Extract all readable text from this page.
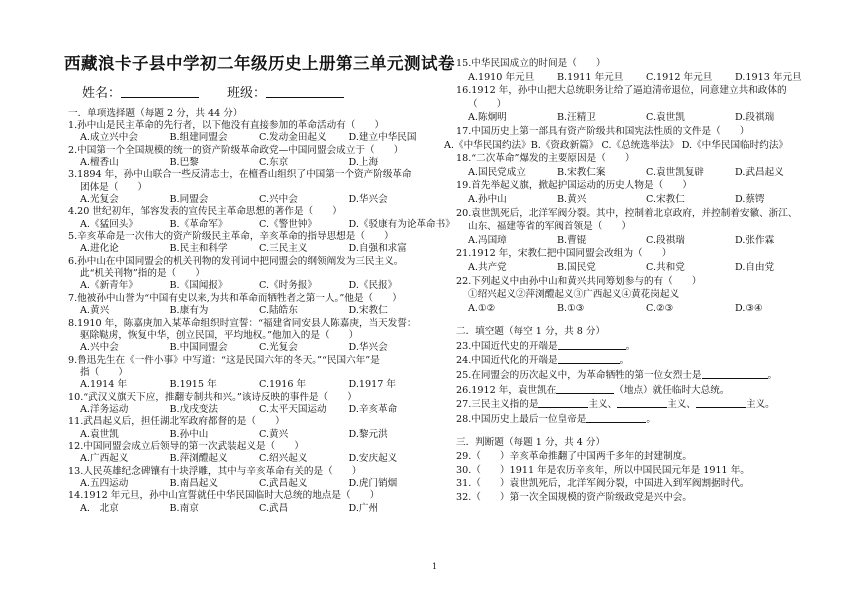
西藏浪卡子县中学初二年级历史上册第三单元测试卷
姓名：	班级：
一．单项选择题（每题 2 分，共 44 分）
1.孙中山是民主革命的先行者，以下他没有直接参加的革命活动有（　　）
A.成立兴中会	B.组建同盟会	C.发动金田起义	D.建立中华民国
2.中国第一个全国规模的统一的资产阶级革命政党—中国同盟会成立于（　　）
A.檀香山	B.巴黎	C.东京	D.上海
3.1894 年，孙中山联合一些反清志士，在檀香山组织了中国第一个资产阶级革命
团体是（　　）
A.光复会	B.同盟会	C.兴中会	D.华兴会
4.20 世纪初年，邹容发表的宣传民主革命思想的著作是（　　）
A.《猛回头》	B.《革命军》	C.《警世钟》	D.《驳康有为论革命书》
5.辛亥革命是一次伟大的资产阶级民主革命，辛亥革命的指导思想是（　　）
A.进化论	B.民主和科学	C.三民主义	D.自强和求富
6.孙中山在中国同盟会的机关刊物的发刊词中把同盟会的纲领阐发为三民主义。
此“机关刊物”指的是（　　）
A.《新青年》	B.《国闻报》	C.《时务报》	D.《民报》
7.他被孙中山誉为“中国有史以来,为共和革命而牺牲者之第一人。”他是（　　）
A.黄兴	B.康有为	C.陆皓东	D.宋教仁
8.1910 年，陈嘉庚加入某革命组织时宣誓：“福建省同安县人陈嘉庚，当天发誓：
驱除鞑虏，恢复中华，创立民国，平均地权。”他加入的是（　　）
A.兴中会	B.中国同盟会	C.光复会	D.华兴会
9.鲁迅先生在《一件小事》中写道：“这是民国六年的冬天。”“民国六年”是
指（　　）
A.1914 年	B.1915 年	C.1916 年	D.1917 年
10.“武汉义旗天下应，推翻专制共和兴。”该诗反映的事件是（　　）
A.洋务运动	B.戊戌变法	C.太平天国运动	D.辛亥革命
11.武昌起义后，担任湖北军政府都督的是（　　）
A.袁世凯	B.孙中山	C.黄兴	D.黎元洪
12.中国同盟会成立后领导的第一次武装起义是（　　）
A.广西起义	B.萍浏醴起义	C.绍兴起义	D.安庆起义
13.人民英雄纪念碑镶有十块浮雕，其中与辛亥革命有关的是（　　）
A.五四运动	B.南昌起义	C.武昌起义	D.虎门销烟
14.1912 年元旦，孙中山宣誓就任中华民国临时大总统的地点是（　　）
A.　北京	B.南京	C.武昌	D.广州
15.中华民国成立的时间是（　　）
A.1910 年元旦	B.1911 年元旦	C.1912 年元旦	D.1913 年元旦
16.1912 年，孙中山把大总统职务让给了逼迫清帝退位，同意建立共和政体的
（　　）
A.陈炯明	B.汪精卫	C.袁世凯	D.段祺瑞
17.中国历史上第一部具有资产阶级共和国宪法性质的文件是（　　）
A.《中华民国约法》B.《资政新篇》 C.《总统选举法》 D.《中华民国临时约法》
18.“二次革命”爆发的主要原因是（　　）
A.国民党成立	B.宋教仁案	C.袁世凯复辟	D.武昌起义
19.首先举起义旗，掀起护国运动的历史人物是（　　）
A.孙中山	B.黄兴	C.宋教仁	D.蔡锷
20.袁世凯死后，北洋军阀分裂。其中，控制着北京政府，并控制着安徽、浙江、
山东、福建等省的军阀首领是（　　）
A.冯国璋	B.曹锟	C.段祺瑞	D.张作霖
21.1912 年，宋教仁把中国同盟会改组为（　　）
A.共产党	B.国民党	C.共和党	D.自由党
22.下列起义中由孙中山和黄兴共同筹划参与的有（　　）
①绍兴起义②萍浏醴起义③广西起义④黄花岗起义
A.①②	B.①③	C.②③	D.③④
二．填空题（每空 1 分，共 8 分）
23.中国近代史的开端是	。
24.中国近代化的开端是	。
25.在同盟会的历次起义中，为革命牺牲的第一位女烈士是	。
26.1912 年，袁世凯在	（地点）就任临时大总统。
27.三民主义指的是	主义、	主义、	主义。
28.中国历史上最后一位皇帝是	。
三．判断题（每题 1 分，共 4 分）
29.（　　）辛亥革命推翻了中国两千多年的封建制度。
30.（　　）1911 年是农历辛亥年，所以中国民国元年是 1911 年。
31.（　　）袁世凯死后，北洋军阀分裂，中国进入到军阀割据时代。
32.（　　）第一次全国规模的资产阶级政党是兴中会。
1
